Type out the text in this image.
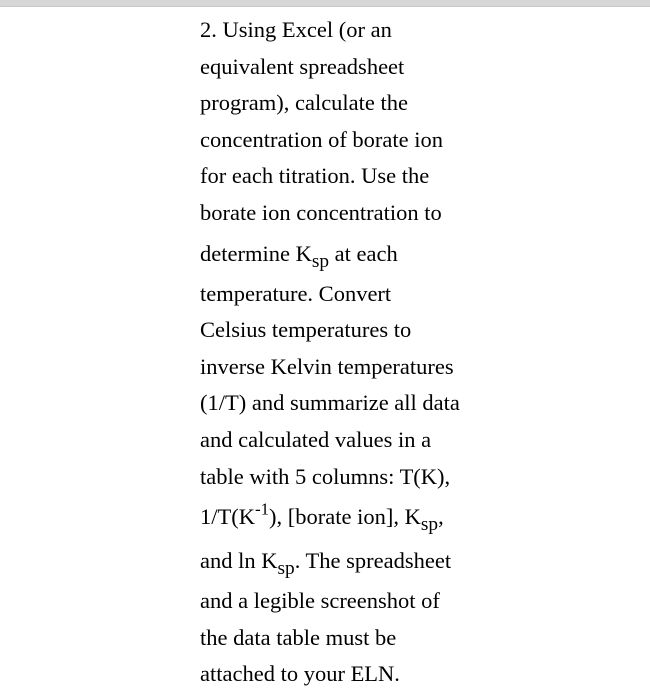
2. Using Excel (or an
equivalent spreadsheet
program), calculate the
concentration of borate ion
for each titration. Use the
borate ion concentration to
determine Ksp at each
temperature. Convert
Celsius temperatures to
inverse Kelvin temperatures
(1/T) and summarize all data
and calculated values in a
table with 5 columns: T(K),
$1/T(K^{-1})$, [borate ion], Ksp,
and ln Ksp. The spreadsheet
and a legible screenshot of
the data table must be
attached to your ELN.
